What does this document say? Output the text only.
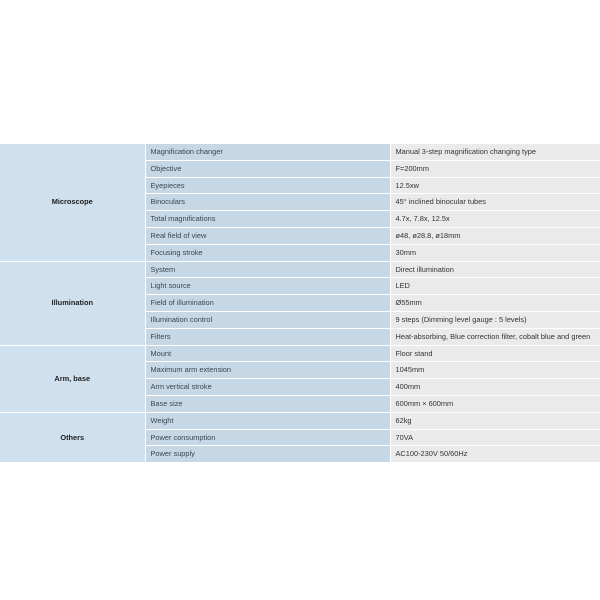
Microscope	Magnification changer	Manual 3-step magnification changing type
	Objective	F=200mm
	Eyepieces	12.5xw
	Binoculars	45° inclined binocular tubes
	Total magnifications	4.7x, 7.8x, 12.5x
	Real field of view	ø48, ø28.8, ø18mm
	Focusing stroke	30mm
Illumination	System	Direct illumination
	Light source	LED
	Field of illumination	Ø55mm
	Illumination control	9 steps (Dimming level gauge : 5 levels)
	Filters	Heat-absorbing, Blue correction filter, cobalt blue and green
Arm, base	Mount	Floor stand
	Maximum arm extension	1045mm
	Arm vertical stroke	400mm
	Base size	600mm × 600mm
Others	Weight	62kg
	Power consumption	70VA
	Power supply	AC100-230V 50/60Hz
